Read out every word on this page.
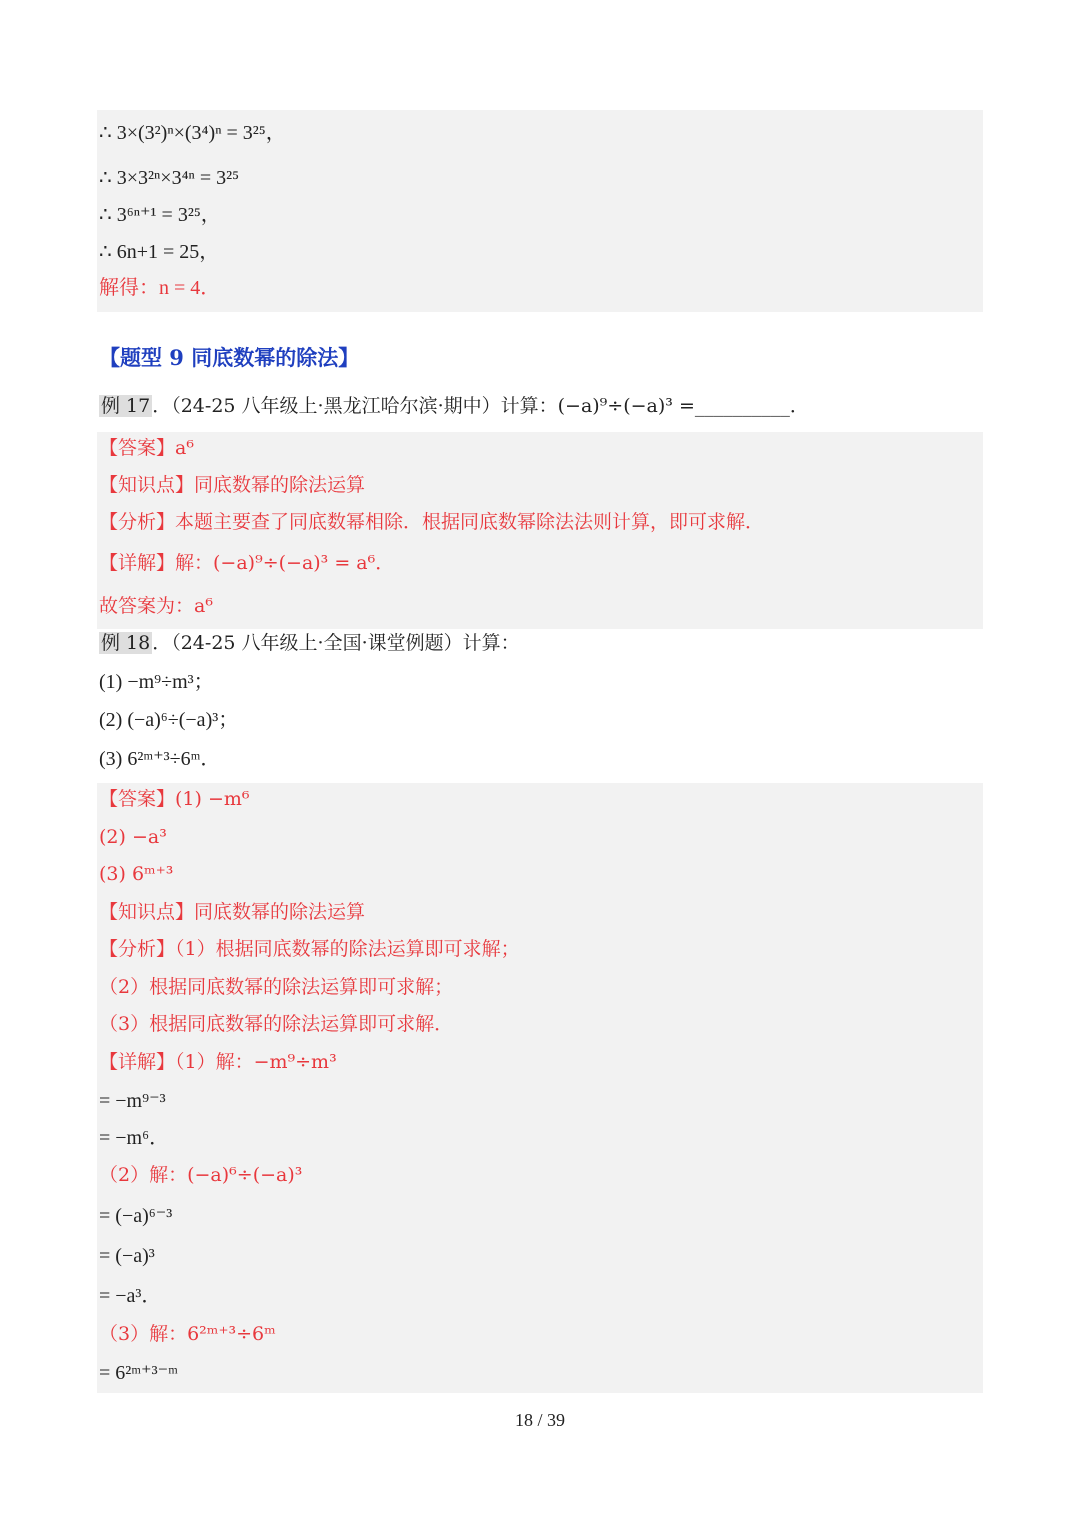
∴ 3×(3²)ⁿ×(3⁴)ⁿ = 3²⁵，
∴ 3×3²ⁿ×3⁴ⁿ = 3²⁵
∴ 3⁶ⁿ⁺¹ = 3²⁵，
∴ 6n+1 = 25，
解得：n = 4．
【题型 9 同底数幂的除法】
例 17 ．（24-25 八年级上·黑龙江哈尔滨·期中）计算：(−a)⁹÷(−a)³ =__________．
【答案】a⁶
【知识点】同底数幂的除法运算
【分析】本题主要查了同底数幂相除．根据同底数幂除法法则计算，即可求解．
【详解】解：(−a)⁹÷(−a)³ = a⁶．
故答案为：a⁶
例 18 ．（24-25 八年级上·全国·课堂例题）计算：
(1) −m⁹÷m³；
(2) (−a)⁶÷(−a)³；
(3) 6²ᵐ⁺³÷6ᵐ．
【答案】(1) −m⁶
(2) −a³
(3) 6ᵐ⁺³
【知识点】同底数幂的除法运算
【分析】（1）根据同底数幂的除法运算即可求解；
（2）根据同底数幂的除法运算即可求解；
（3）根据同底数幂的除法运算即可求解．
【详解】（1）解：−m⁹÷m³
= −m⁹⁻³
= −m⁶．
（2）解：(−a)⁶÷(−a)³
= (−a)⁶⁻³
= (−a)³
= −a³．
（3）解：6²ᵐ⁺³÷6ᵐ
= 6²ᵐ⁺³⁻ᵐ
18 / 39
